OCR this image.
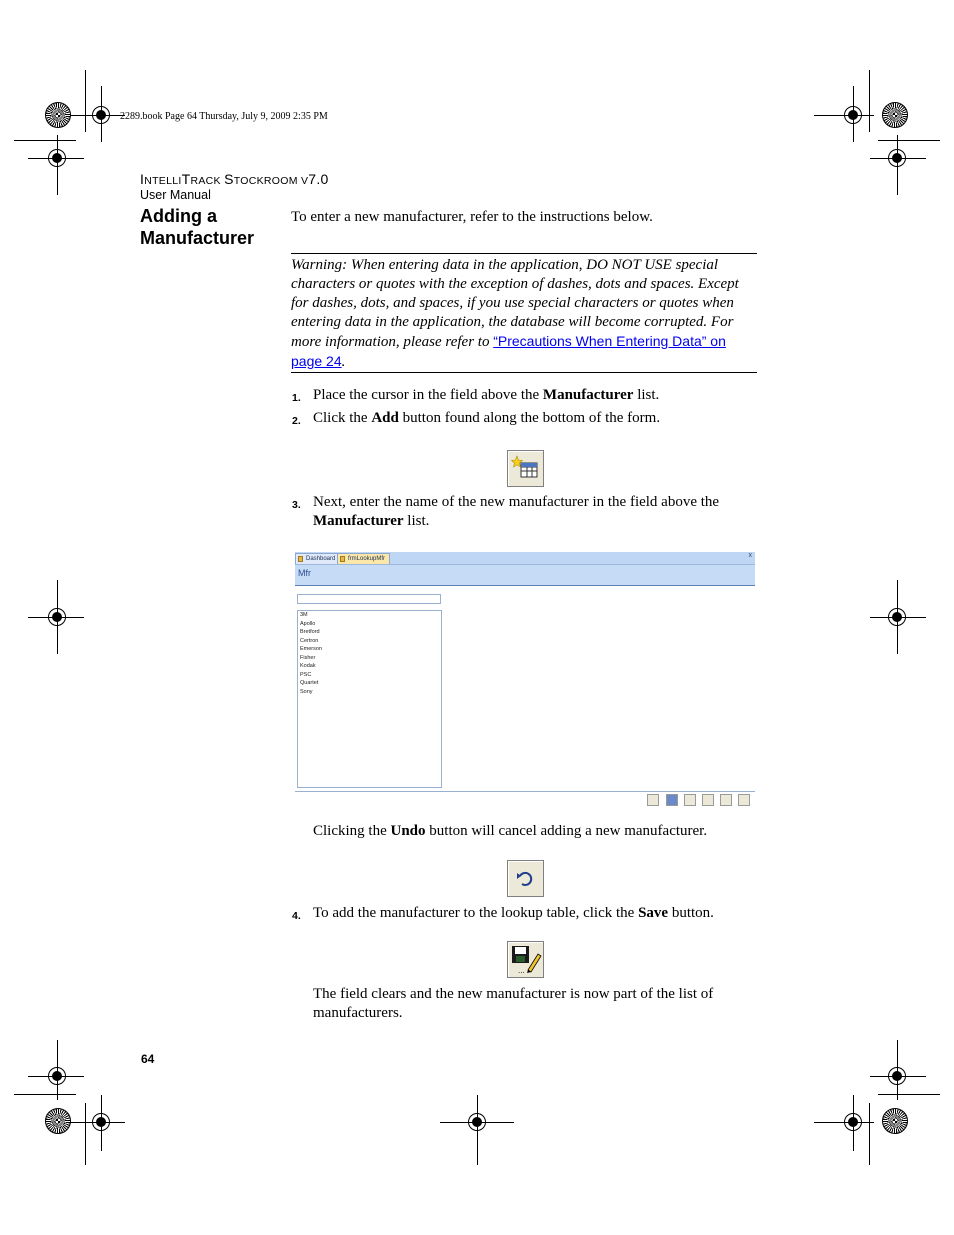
2289.book Page 64 Thursday, July 9, 2009 2:35 PM
INTELLITRACK STOCKROOM V7.0
User Manual
Adding a Manufacturer
To enter a new manufacturer, refer to the instructions below.
Warning: When entering data in the application, DO NOT USE special characters or quotes with the exception of dashes, dots and spaces. Except for dashes, dots, and spaces, if you use special characters or quotes when entering data in the application, the database will become corrupted. For more information, please refer to “Precautions When Entering Data” on page 24.
1. Place the cursor in the field above the Manufacturer list.
2. Click the Add button found along the bottom of the form.
3. Next, enter the name of the new manufacturer in the field above the Manufacturer list.
Dashboard	frmLookupMfr	x
Mfr
3M
Apollo
Bretford
Certron
Emerson
Fisher
Kodak
PSC
Quartet
Sony
Clicking the Undo button will cancel adding a new manufacturer.
4. To add the manufacturer to the lookup table, click the Save button.
...
The field clears and the new manufacturer is now part of the list of manufacturers.
64
